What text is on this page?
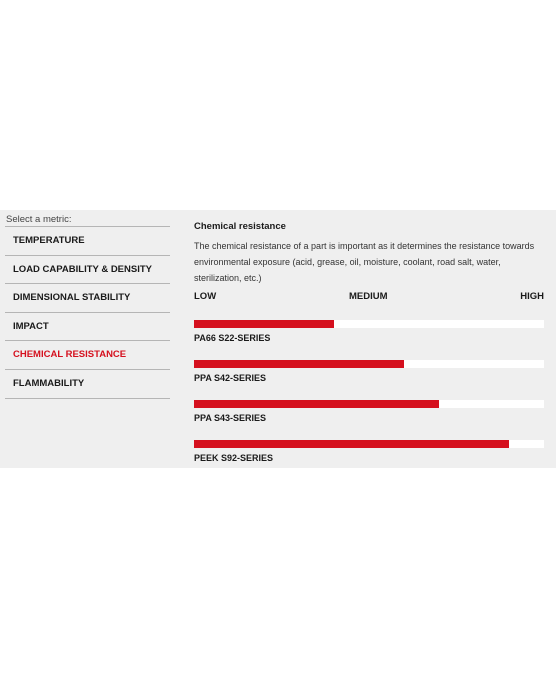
Select a metric:
TEMPERATURE
LOAD CAPABILITY & DENSITY
DIMENSIONAL STABILITY
IMPACT
CHEMICAL RESISTANCE
FLAMMABILITY
Chemical resistance
The chemical resistance of a part is important as it determines the resistance towards environmental exposure (acid, grease, oil, moisture, coolant, road salt, water, sterilization, etc.)
LOW	MEDIUM	HIGH
PA66 S22-SERIES
PPA S42-SERIES
PPA S43-SERIES
PEEK S92-SERIES
